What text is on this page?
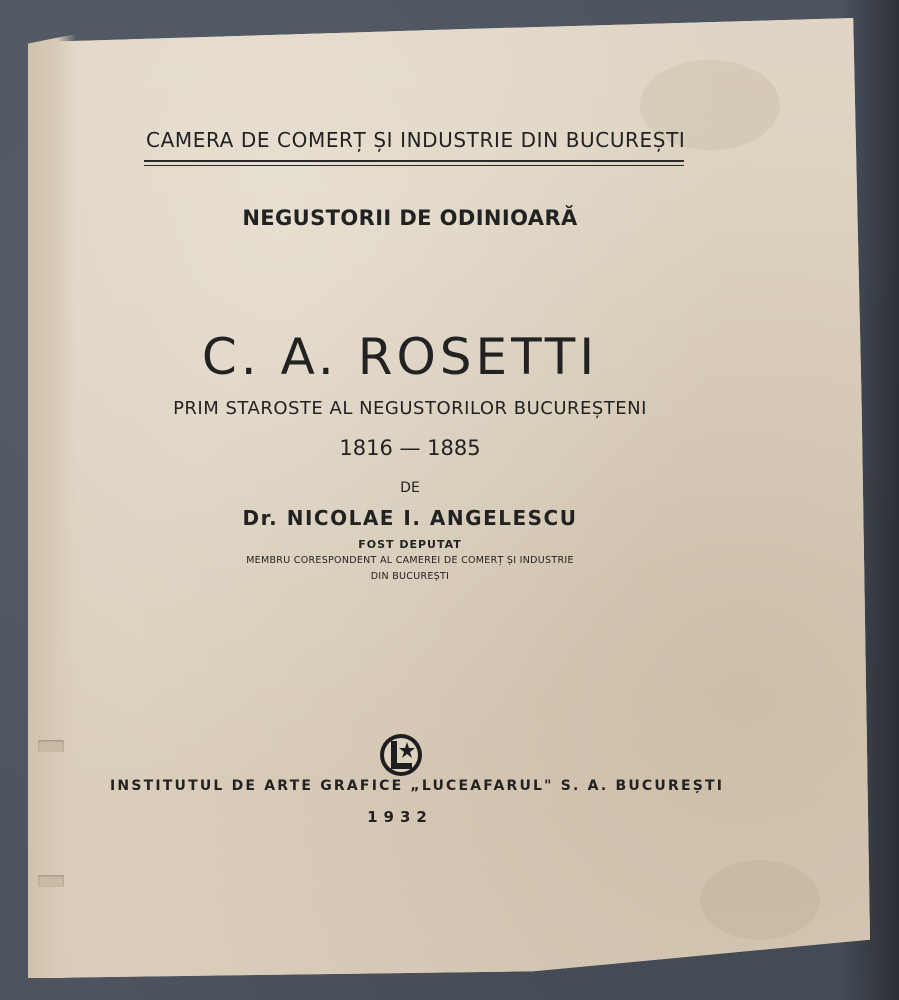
CAMERA DE COMERȚ ȘI INDUSTRIE DIN BUCUREȘTI
NEGUSTORII DE ODINIOARĂ
C. A. ROSETTI
PRIM STAROSTE AL NEGUSTORILOR BUCUREȘTENI
1816 — 1885
DE
Dr. NICOLAE I. ANGELESCU
FOST DEPUTAT
MEMBRU CORESPONDENT AL CAMEREI DE COMERȚ ȘI INDUSTRIE
DIN BUCUREȘTI
INSTITUTUL DE ARTE GRAFICE „LUCEAFARUL" S. A. BUCUREȘTI
1932
